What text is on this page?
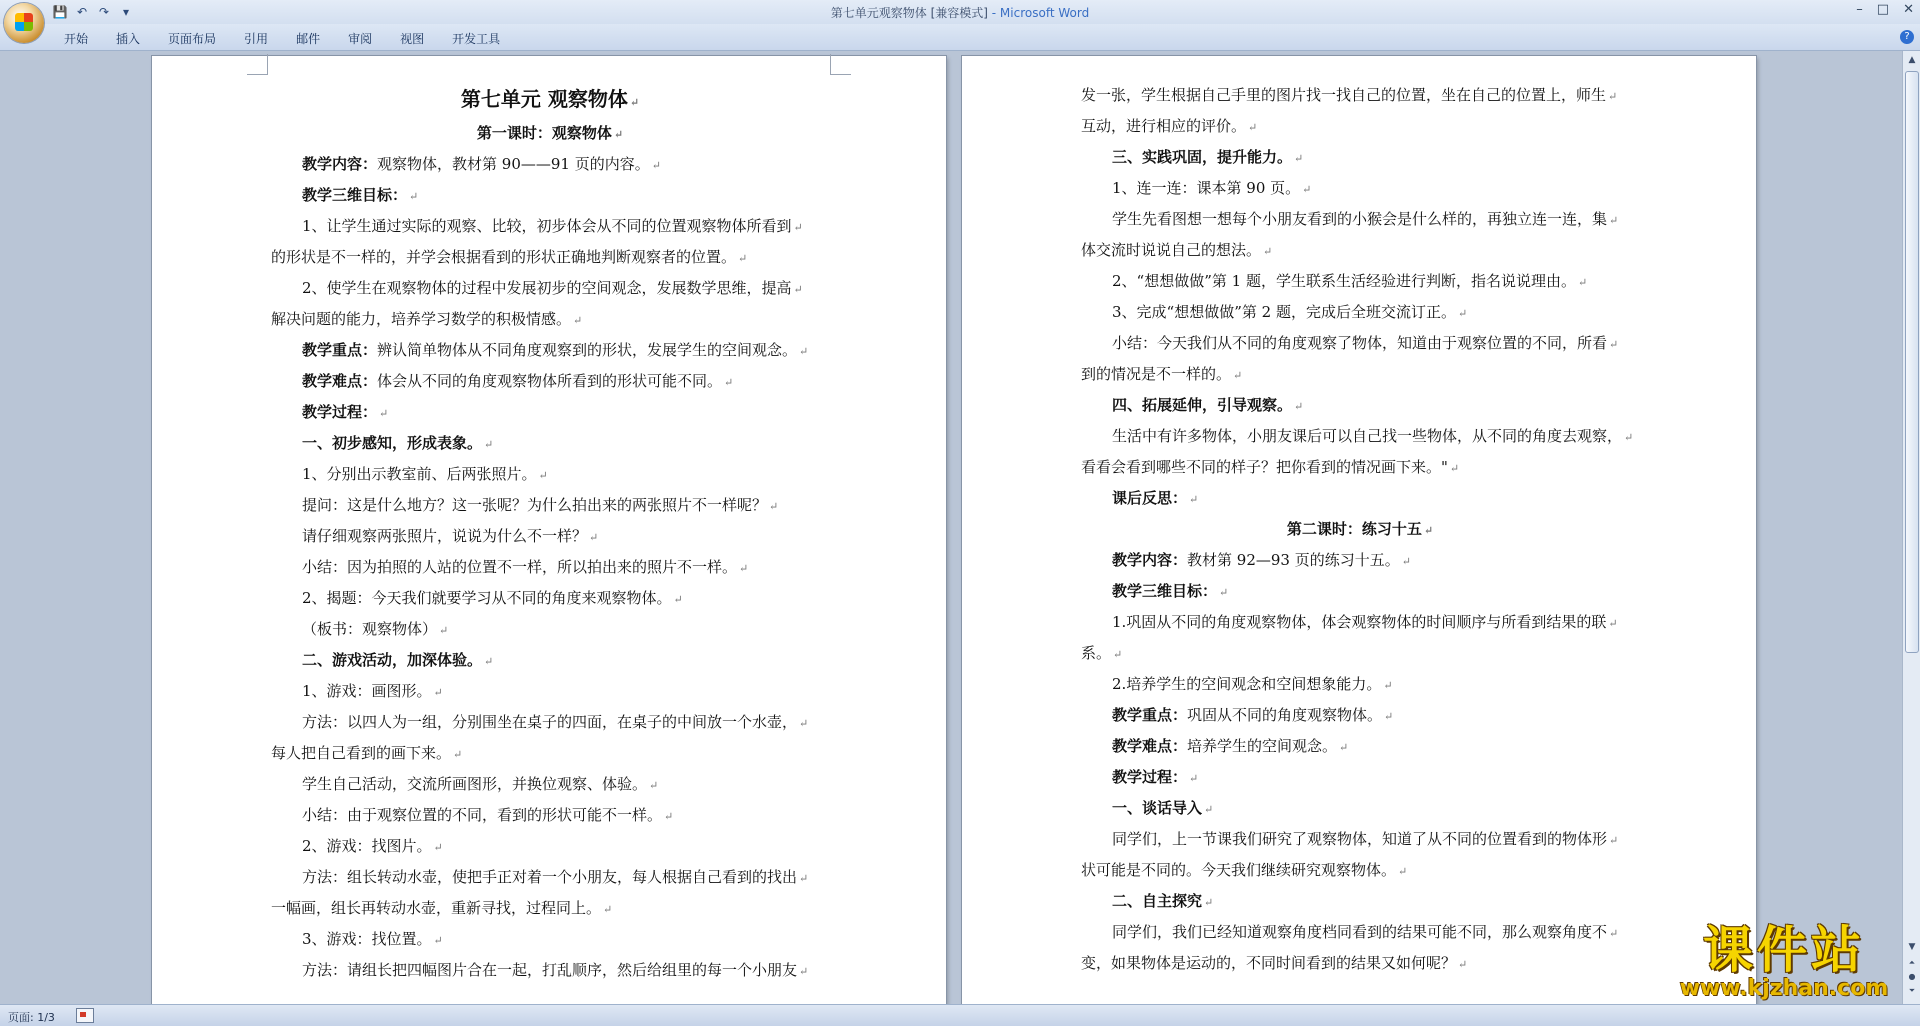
💾 ↶ ↷	▾	第七单元观察物体 [兼容模式] - Microsoft Word	– □ ✕
开始	插入	页面布局	引用	邮件	审阅	视图	开发工具	?
第七单元 观察物体 ↵
第一课时：观察物体 ↵
教学内容：观察物体，教材第 90——91 页的内容。 ↵
教学三维目标： ↵
1、让学生通过实际的观察、比较，初步体会从不同的位置观察物体所看到 ↵
的形状是不一样的，并学会根据看到的形状正确地判断观察者的位置。 ↵
2、使学生在观察物体的过程中发展初步的空间观念，发展数学思维，提高 ↵
解决问题的能力，培养学习数学的积极情感。 ↵
教学重点：辨认简单物体从不同角度观察到的形状，发展学生的空间观念。 ↵
教学难点：体会从不同的角度观察物体所看到的形状可能不同。 ↵
教学过程： ↵
一、初步感知，形成表象。 ↵
1、分别出示教室前、后两张照片。 ↵
提问：这是什么地方？这一张呢？为什么拍出来的两张照片不一样呢？ ↵
请仔细观察两张照片，说说为什么不一样？ ↵
小结：因为拍照的人站的位置不一样，所以拍出来的照片不一样。 ↵
2、揭题：今天我们就要学习从不同的角度来观察物体。 ↵
（板书：观察物体） ↵
二、游戏活动，加深体验。 ↵
1、游戏：画图形。 ↵
方法：以四人为一组，分别围坐在桌子的四面，在桌子的中间放一个水壶， ↵
每人把自己看到的画下来。 ↵
学生自己活动，交流所画图形，并换位观察、体验。 ↵
小结：由于观察位置的不同，看到的形状可能不一样。 ↵
2、游戏：找图片。 ↵
方法：组长转动水壶，使把手正对着一个小朋友，每人根据自己看到的找出 ↵
一幅画，组长再转动水壶，重新寻找，过程同上。 ↵
3、游戏：找位置。 ↵
方法：请组长把四幅图片合在一起，打乱顺序，然后给组里的每一个小朋友 ↵
发一张，学生根据自己手里的图片找一找自己的位置，坐在自己的位置上，师生 ↵
互动，进行相应的评价。 ↵
三、实践巩固，提升能力。 ↵
1、连一连：课本第 90 页。 ↵
学生先看图想一想每个小朋友看到的小猴会是什么样的，再独立连一连，集 ↵
体交流时说说自己的想法。 ↵
2、“想想做做”第 1 题，学生联系生活经验进行判断，指名说说理由。 ↵
3、完成“想想做做”第 2 题，完成后全班交流订正。 ↵
小结：今天我们从不同的角度观察了物体，知道由于观察位置的不同，所看 ↵
到的情况是不一样的。 ↵
四、拓展延伸，引导观察。 ↵
生活中有许多物体，小朋友课后可以自己找一些物体，从不同的角度去观察， ↵
看看会看到哪些不同的样子？把你看到的情况画下来。" ↵
课后反思： ↵
第二课时：练习十五 ↵
教学内容：教材第 92—93 页的练习十五。 ↵
教学三维目标： ↵
1.巩固从不同的角度观察物体，体会观察物体的时间顺序与所看到结果的联 ↵
系。 ↵
2.培养学生的空间观念和空间想象能力。 ↵
教学重点：巩固从不同的角度观察物体。 ↵
教学难点：培养学生的空间观念。 ↵
教学过程： ↵
一、谈话导入 ↵
同学们，上一节课我们研究了观察物体，知道了从不同的位置看到的物体形 ↵
状可能是不同的。今天我们继续研究观察物体。 ↵
二、自主探究 ↵
同学们，我们已经知道观察角度档同看到的结果可能不同，那么观察角度不 ↵
变，如果物体是运动的，不同时间看到的结果又如何呢？ ↵
▲
▼
⏶
●
⏷
页面: 1/3
课件站
www.kjzhan.com
